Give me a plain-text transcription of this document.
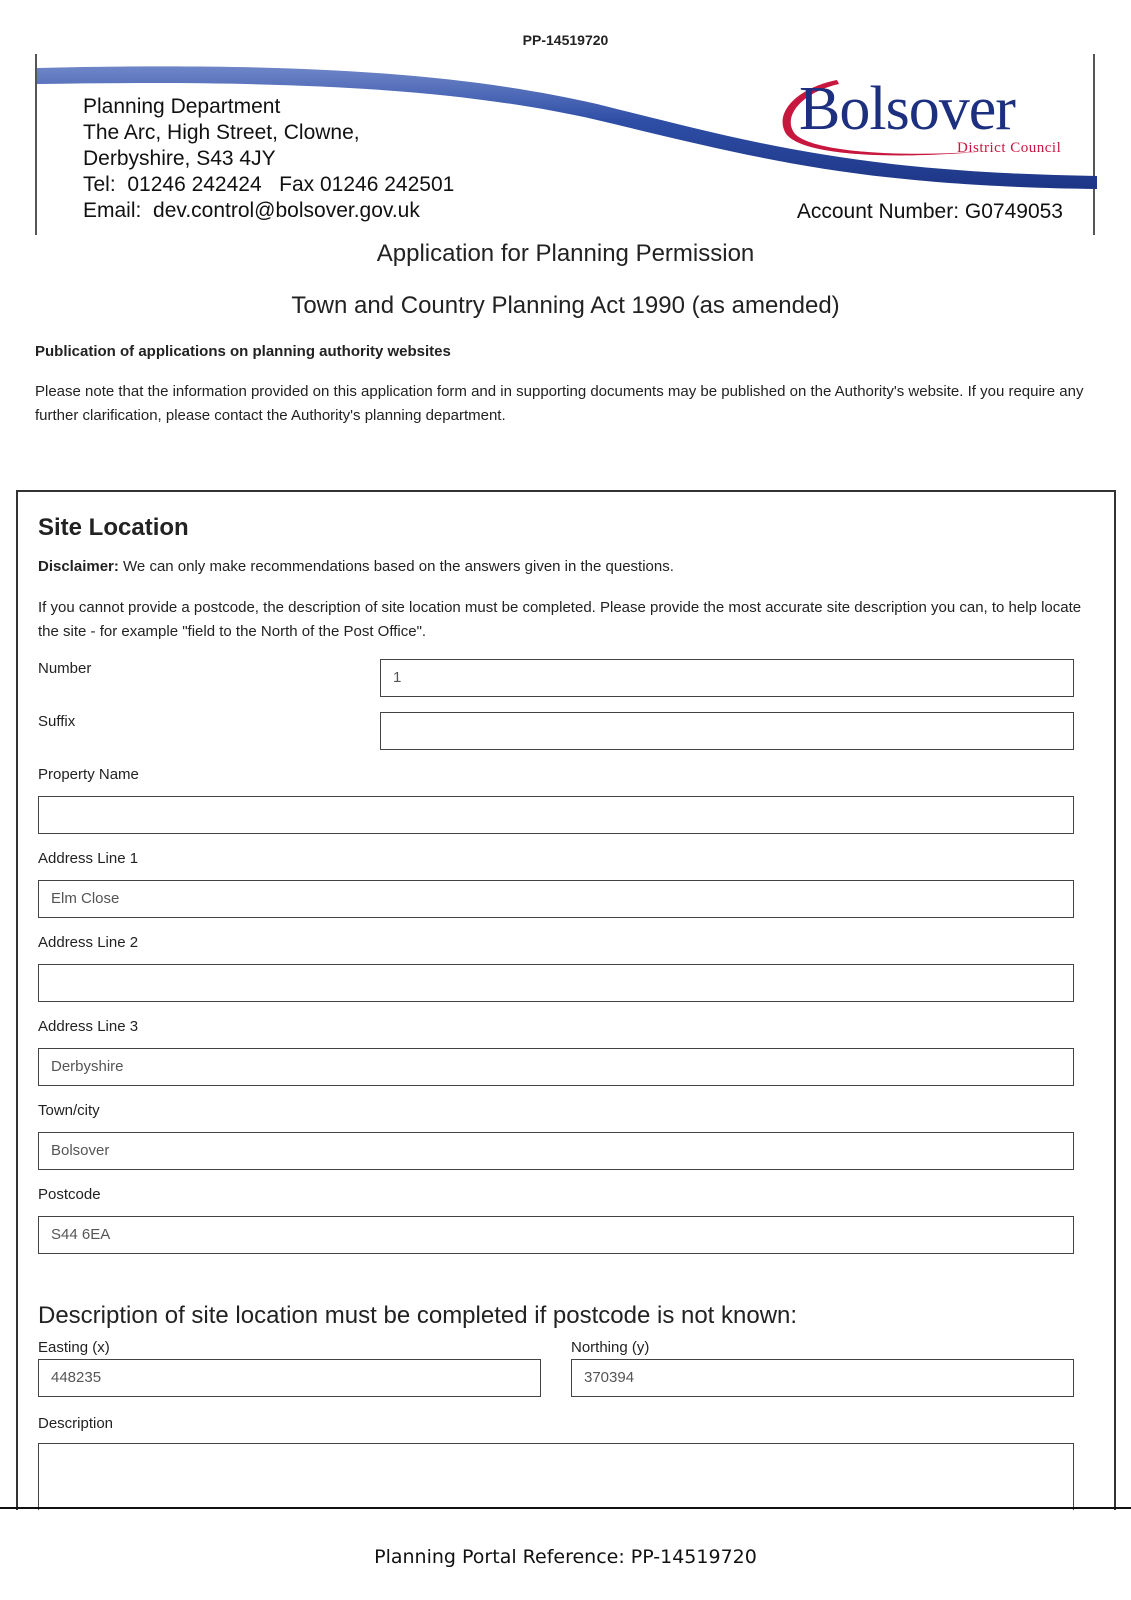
PP-14519720
Planning Department
The Arc, High Street, Clowne,
Derbyshire, S43 4JY
Tel:  01246 242424   Fax 01246 242501
Email:  dev.control@bolsover.gov.uk
Bolsover
District Council
Account Number: G0749053
Application for Planning Permission
Town and Country Planning Act 1990 (as amended)
Publication of applications on planning authority websites
Please note that the information provided on this application form and in supporting documents may be published on the Authority's website. If you require any further clarification, please contact the Authority's planning department.
Site Location
Disclaimer: We can only make recommendations based on the answers given in the questions.
If you cannot provide a postcode, the description of site location must be completed. Please provide the most accurate site description you can, to help locate the site - for example "field to the North of the Post Office".
Number
1
Suffix
Property Name
Address Line 1
Elm Close
Address Line 2
Address Line 3
Derbyshire
Town/city
Bolsover
Postcode
S44 6EA
Description of site location must be completed if postcode is not known:
Easting (x)
448235
Northing (y)
370394
Description
Planning Portal Reference: PP-14519720
